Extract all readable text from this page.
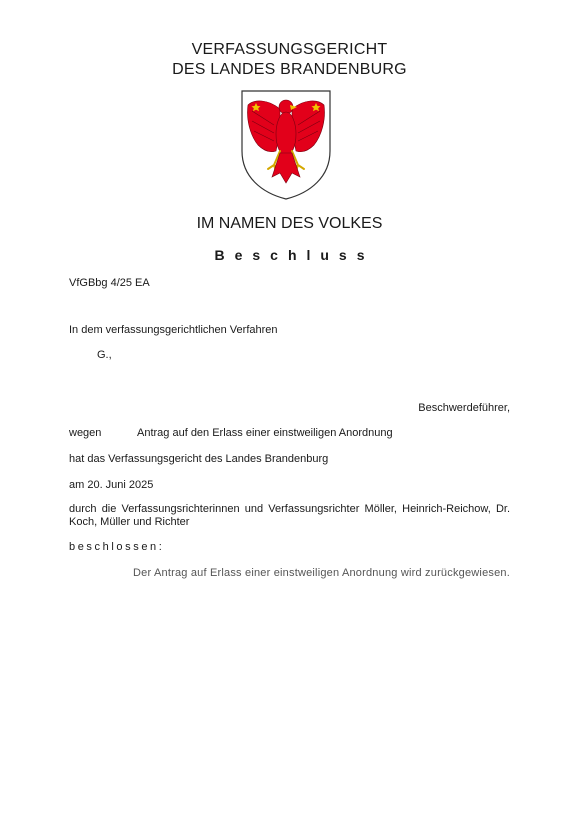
VERFASSUNGSGERICHT
DES LANDES BRANDENBURG
IM NAMEN DES VOLKES
Beschluss
VfGBbg 4/25 EA
In dem verfassungsgerichtlichen Verfahren
G.,
Beschwerdeführer,
wegen	Antrag auf den Erlass einer einstweiligen Anordnung
hat das Verfassungsgericht des Landes Brandenburg
am 20. Juni 2025
durch die Verfassungsrichterinnen und Verfassungsrichter Möller, Heinrich-Reichow, Dr. Koch, Müller und Richter
beschlossen:
Der Antrag auf Erlass einer einstweiligen Anordnung wird zurückgewiesen.
